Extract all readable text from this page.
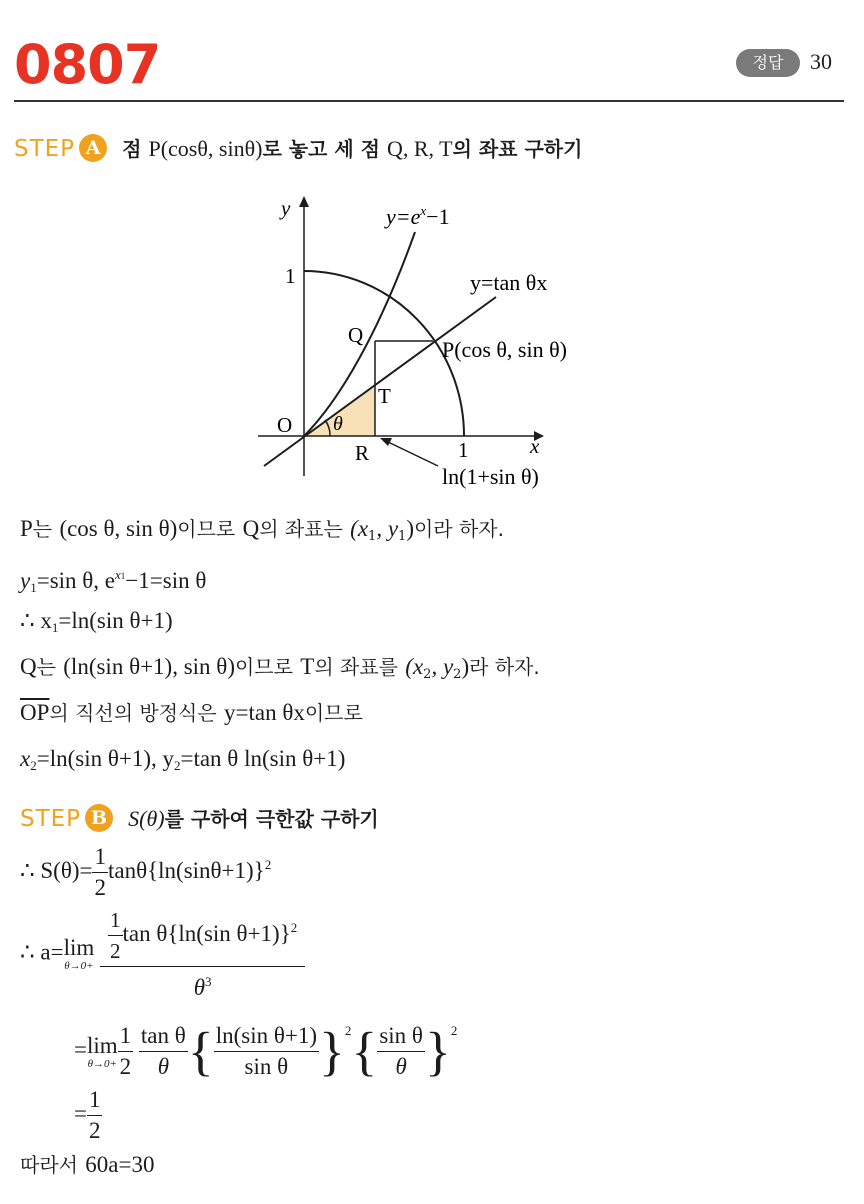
0807	정답	30
STEP A 점 P(cosθ, sinθ)로 놓고 세 점 Q, R, T의 좌표 구하기
y
x
O
1
1
$y=e^x-1$
y=tan θx
Q
P(cos θ, sin θ)
T
R
θ
ln(1+sin θ)
P는 (cos θ, sin θ)이므로 Q의 좌표는 ($x_1$, $y_1$)이라 하자.
$y_1=\sin$ θ, $e^{x1}-1=\sin$ θ
∴ $x_1=\ln(\sin$ θ+1)
Q는 (ln(sin θ+1), sin θ)이므로 T의 좌표를 ($x_2$, $y_2$)라 하자.
$\overline{OP}$의 직선의 방정식은 y=tan θx이므로
$x_2=\ln(\sin$ θ+1), $y_2=\tan$ θ ln(sin θ+1)
STEP B S(θ)를 구하여 극한값 구하기
∴ $S(\theta)= \frac{1}{2} \tan\theta\{\ln(\sin\theta+1)\}^2$
∴ a=lim
θ→0+
$\frac{\frac{1}{2} \tan \theta\{\ln(\sin \theta+1)\}^2}{\theta^3}$
=lim
$\theta\to 0+ \frac{1}{2}$
$\frac{\text{tan θ}}{\theta}$ { $\frac{\text{ln(sin θ+1)}}{\text{sin θ}} \}^2\{ \frac{\text{sin θ}}{\theta} \}^2$
= $\frac{1}{2}$
따라서 60a=30
